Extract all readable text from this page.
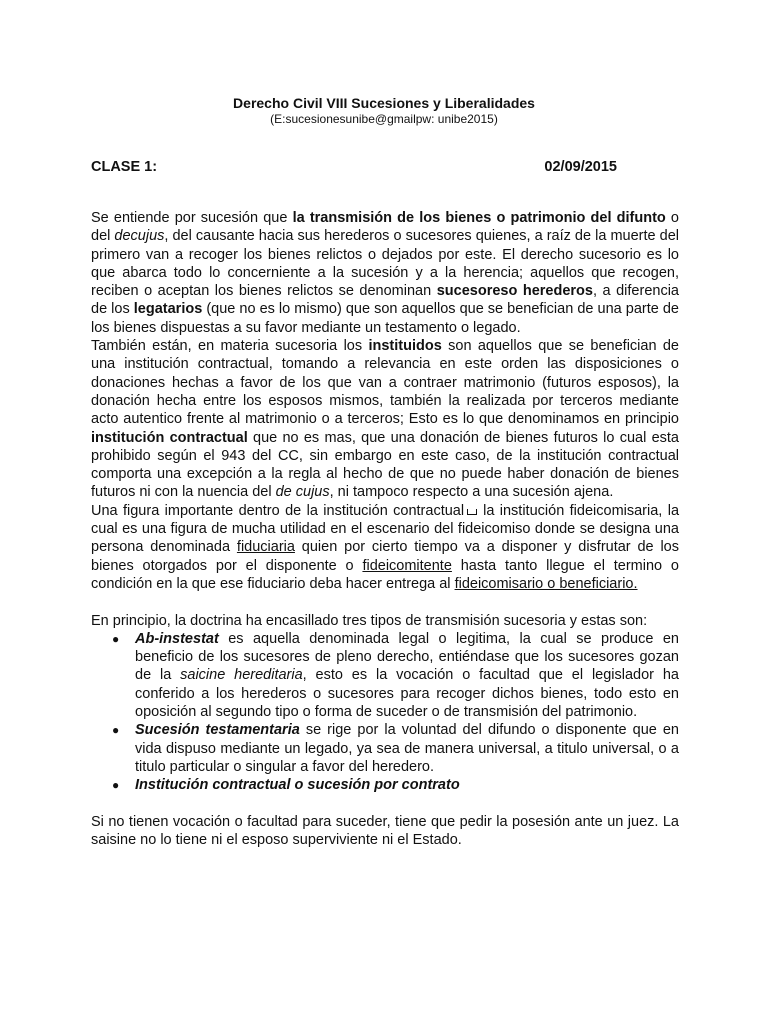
Derecho Civil VIII Sucesiones y Liberalidades
(E:sucesionesunibe@gmailpw: unibe2015)
CLASE 1:	02/09/2015

Se entiende por sucesión que la transmisión de los bienes o patrimonio del difunto o del decujus, del causante hacia sus herederos o sucesores quienes, a raíz de la muerte del primero van a recoger los bienes relictos o dejados por este. El derecho sucesorio es lo que abarca todo lo concerniente a la sucesión y a la herencia; aquellos que recogen, reciben o aceptan los bienes relictos se denominan sucesoreso herederos, a diferencia de los legatarios (que no es lo mismo) que son aquellos que se benefician de una parte de los bienes dispuestas a su favor mediante un testamento o legado.

También están, en materia sucesoria los instituidos son aquellos que se benefician de una institución contractual, tomando a relevancia en este orden las disposiciones o donaciones hechas a favor de los que van a contraer matrimonio (futuros esposos), la donación hecha entre los esposos mismos, también la realizada por terceros mediante acto autentico frente al matrimonio o a terceros; Esto es lo que denominamos en principio institución contractual que no es mas, que una donación de bienes futuros lo cual esta prohibido según el 943 del CC, sin embargo en este caso, de la institución contractual comporta una excepción a la regla al hecho de que no puede haber donación de bienes futuros ni con la nuencia del de cujus, ni tampoco respecto a una sucesión ajena.

Una figura importante dentro de la institución contractual la institución fideicomisaria, la cual es una figura de mucha utilidad en el escenario del fideicomiso donde se designa una persona denominada fiduciaria quien por cierto tiempo va a disponer y disfrutar de los bienes otorgados por el disponente o fideicomitente hasta tanto llegue el termino o condición en la que ese fiduciario deba hacer entrega al fideicomisario o beneficiario.

En principio, la doctrina ha encasillado tres tipos de transmisión sucesoria y estas son:

● Ab-instestat es aquella denominada legal o legitima, la cual se produce en beneficio de los sucesores de pleno derecho, entiéndase que los sucesores gozan de la saicine hereditaria, esto es la vocación o facultad que el legislador ha conferido a los herederos o sucesores para recoger dichos bienes, todo esto en oposición al segundo tipo o forma de suceder o de transmisión del patrimonio.
● Sucesión testamentaria se rige por la voluntad del difundo o disponente que en vida dispuso mediante un legado, ya sea de manera universal, a titulo universal, o a titulo particular o singular a favor del heredero.
● Institución contractual o sucesión por contrato

Si no tienen vocación o facultad para suceder, tiene que pedir la posesión ante un juez. La saisine no lo tiene ni el esposo superviviente ni el Estado.
